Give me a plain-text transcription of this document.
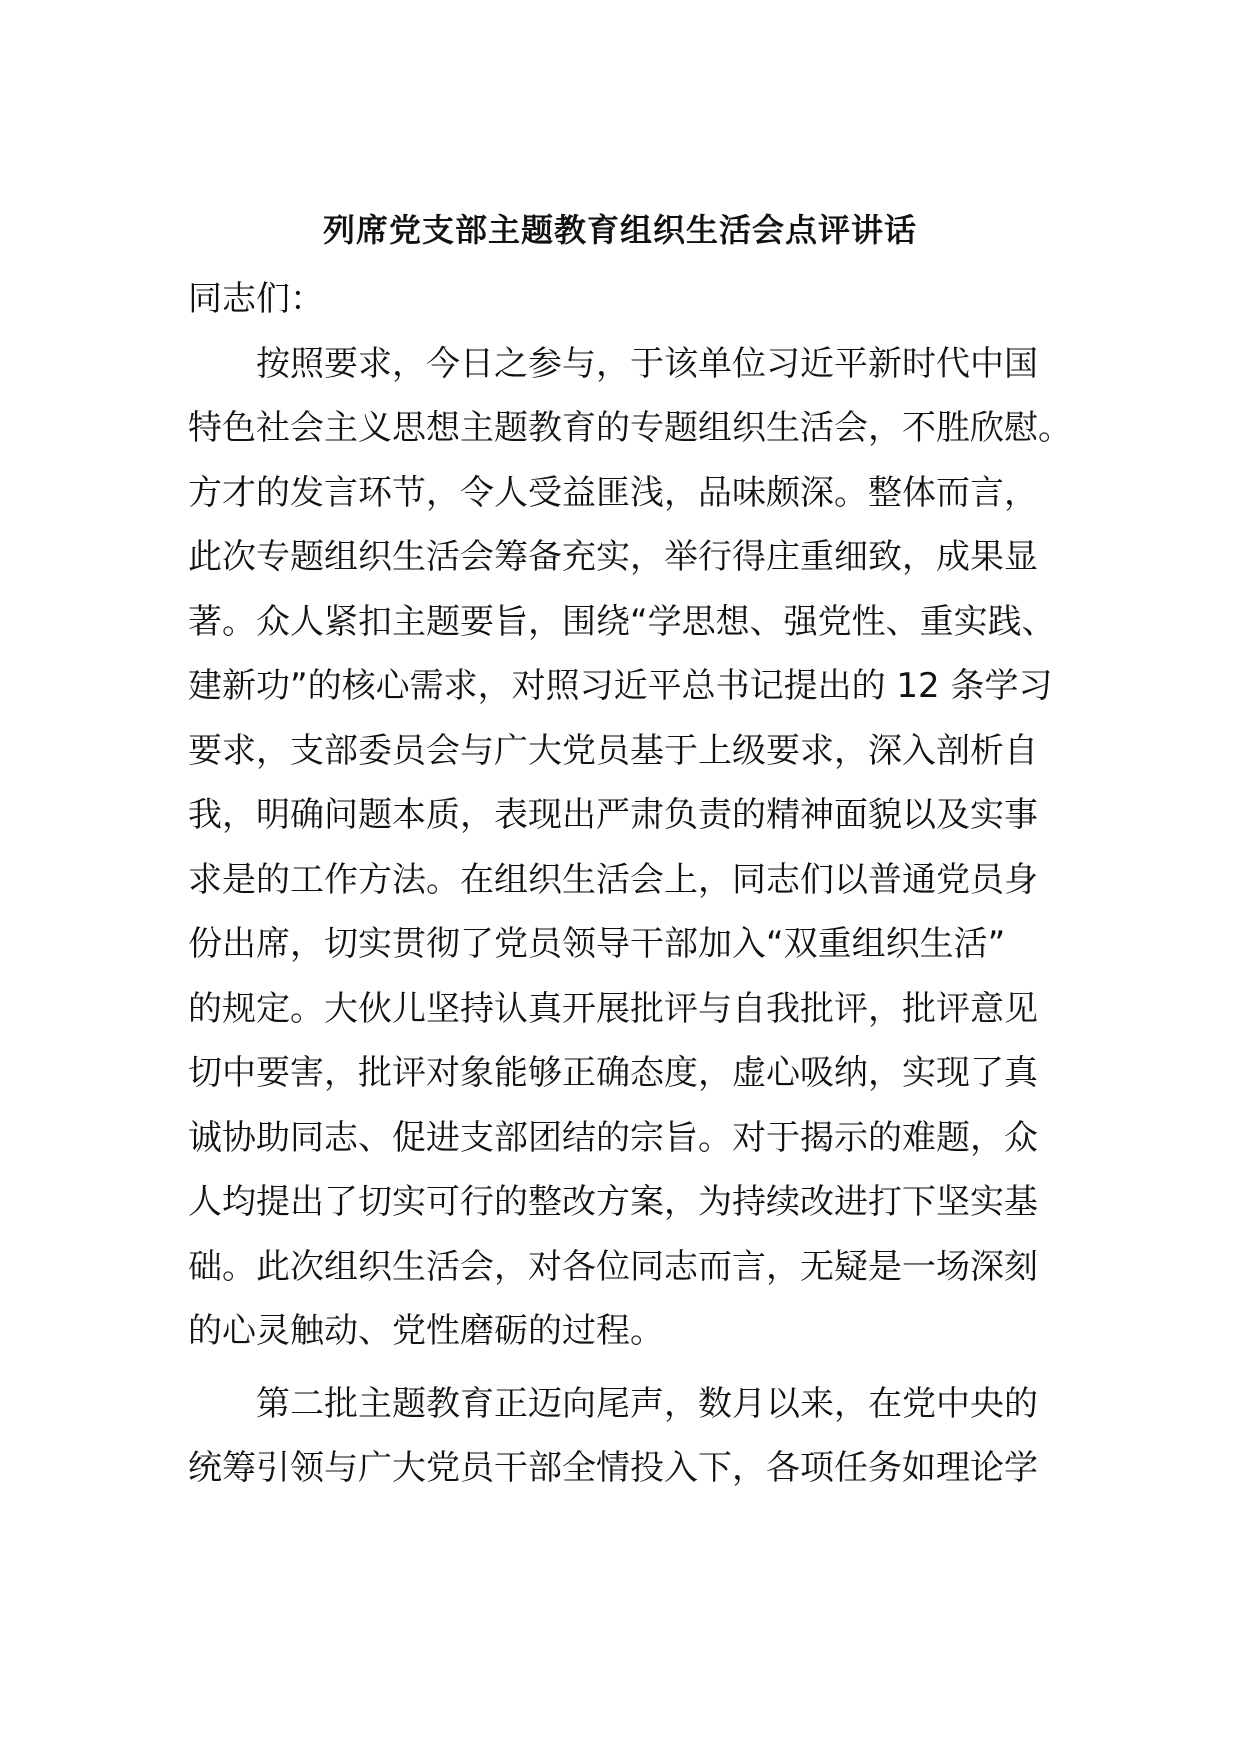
列席党支部主题教育组织生活会点评讲话
同志们：
按照要求，今日之参与，于该单位习近平新时代中国
特色社会主义思想主题教育的专题组织生活会，不胜欣慰。
方才的发言环节，令人受益匪浅，品味颇深。整体而言，
此次专题组织生活会筹备充实，举行得庄重细致，成果显
著。众人紧扣主题要旨，围绕“学思想、强党性、重实践、
建新功”的核心需求，对照习近平总书记提出的 12 条学习
要求，支部委员会与广大党员基于上级要求，深入剖析自
我，明确问题本质，表现出严肃负责的精神面貌以及实事
求是的工作方法。在组织生活会上，同志们以普通党员身
份出席，切实贯彻了党员领导干部加入“双重组织生活”
的规定。大伙儿坚持认真开展批评与自我批评，批评意见
切中要害，批评对象能够正确态度，虚心吸纳，实现了真
诚协助同志、促进支部团结的宗旨。对于揭示的难题，众
人均提出了切实可行的整改方案，为持续改进打下坚实基
础。此次组织生活会，对各位同志而言，无疑是一场深刻
的心灵触动、党性磨砺的过程。
第二批主题教育正迈向尾声，数月以来，在党中央的
统筹引领与广大党员干部全情投入下，各项任务如理论学
